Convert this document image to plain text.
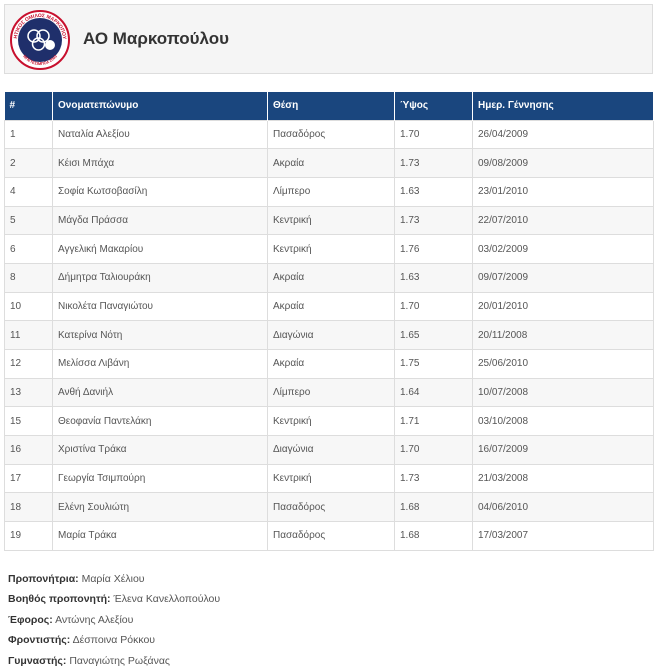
ΗΤΙΚΟΣ ΟΜΙΛΟΣ ΜΑΡΚΟΠΟΥ
ΜΠΕΤΕΣΙΜΠΟΛ 2003
ΑΟ Μαρκοπούλου
#	Ονοματεπώνυμο	Θέση	Ύψος	Ημερ. Γέννησης
1	Ναταλία Αλεξίου	Πασαδόρος	1.70	26/04/2009
2	Κέισι Μπάχα	Ακραία	1.73	09/08/2009
4	Σοφία Κωτσοβασίλη	Λίμπερο	1.63	23/01/2010
5	Μάγδα Πράσσα	Κεντρική	1.73	22/07/2010
6	Αγγελική Μακαρίου	Κεντρική	1.76	03/02/2009
8	Δήμητρα Ταλιουράκη	Ακραία	1.63	09/07/2009
10	Νικολέτα Παναγιώτου	Ακραία	1.70	20/01/2010
11	Κατερίνα Νότη	Διαγώνια	1.65	20/11/2008
12	Μελίσσα Λιβάνη	Ακραία	1.75	25/06/2010
13	Ανθή Δανιήλ	Λίμπερο	1.64	10/07/2008
15	Θεοφανία Παντελάκη	Κεντρική	1.71	03/10/2008
16	Χριστίνα Τράκα	Διαγώνια	1.70	16/07/2009
17	Γεωργία Τσιμπούρη	Κεντρική	1.73	21/03/2008
18	Ελένη Σουλιώτη	Πασαδόρος	1.68	04/06/2010
19	Μαρία Τράκα	Πασαδόρος	1.68	17/03/2007
Προπονήτρια: Μαρία Χέλιου
Βοηθός προπονητή: Έλενα Κανελλοπούλου
Έφορος: Αντώνης Αλεξίου
Φροντιστής: Δέσποινα Ρόκκου
Γυμναστής: Παναγιώτης Ρωξάνας
